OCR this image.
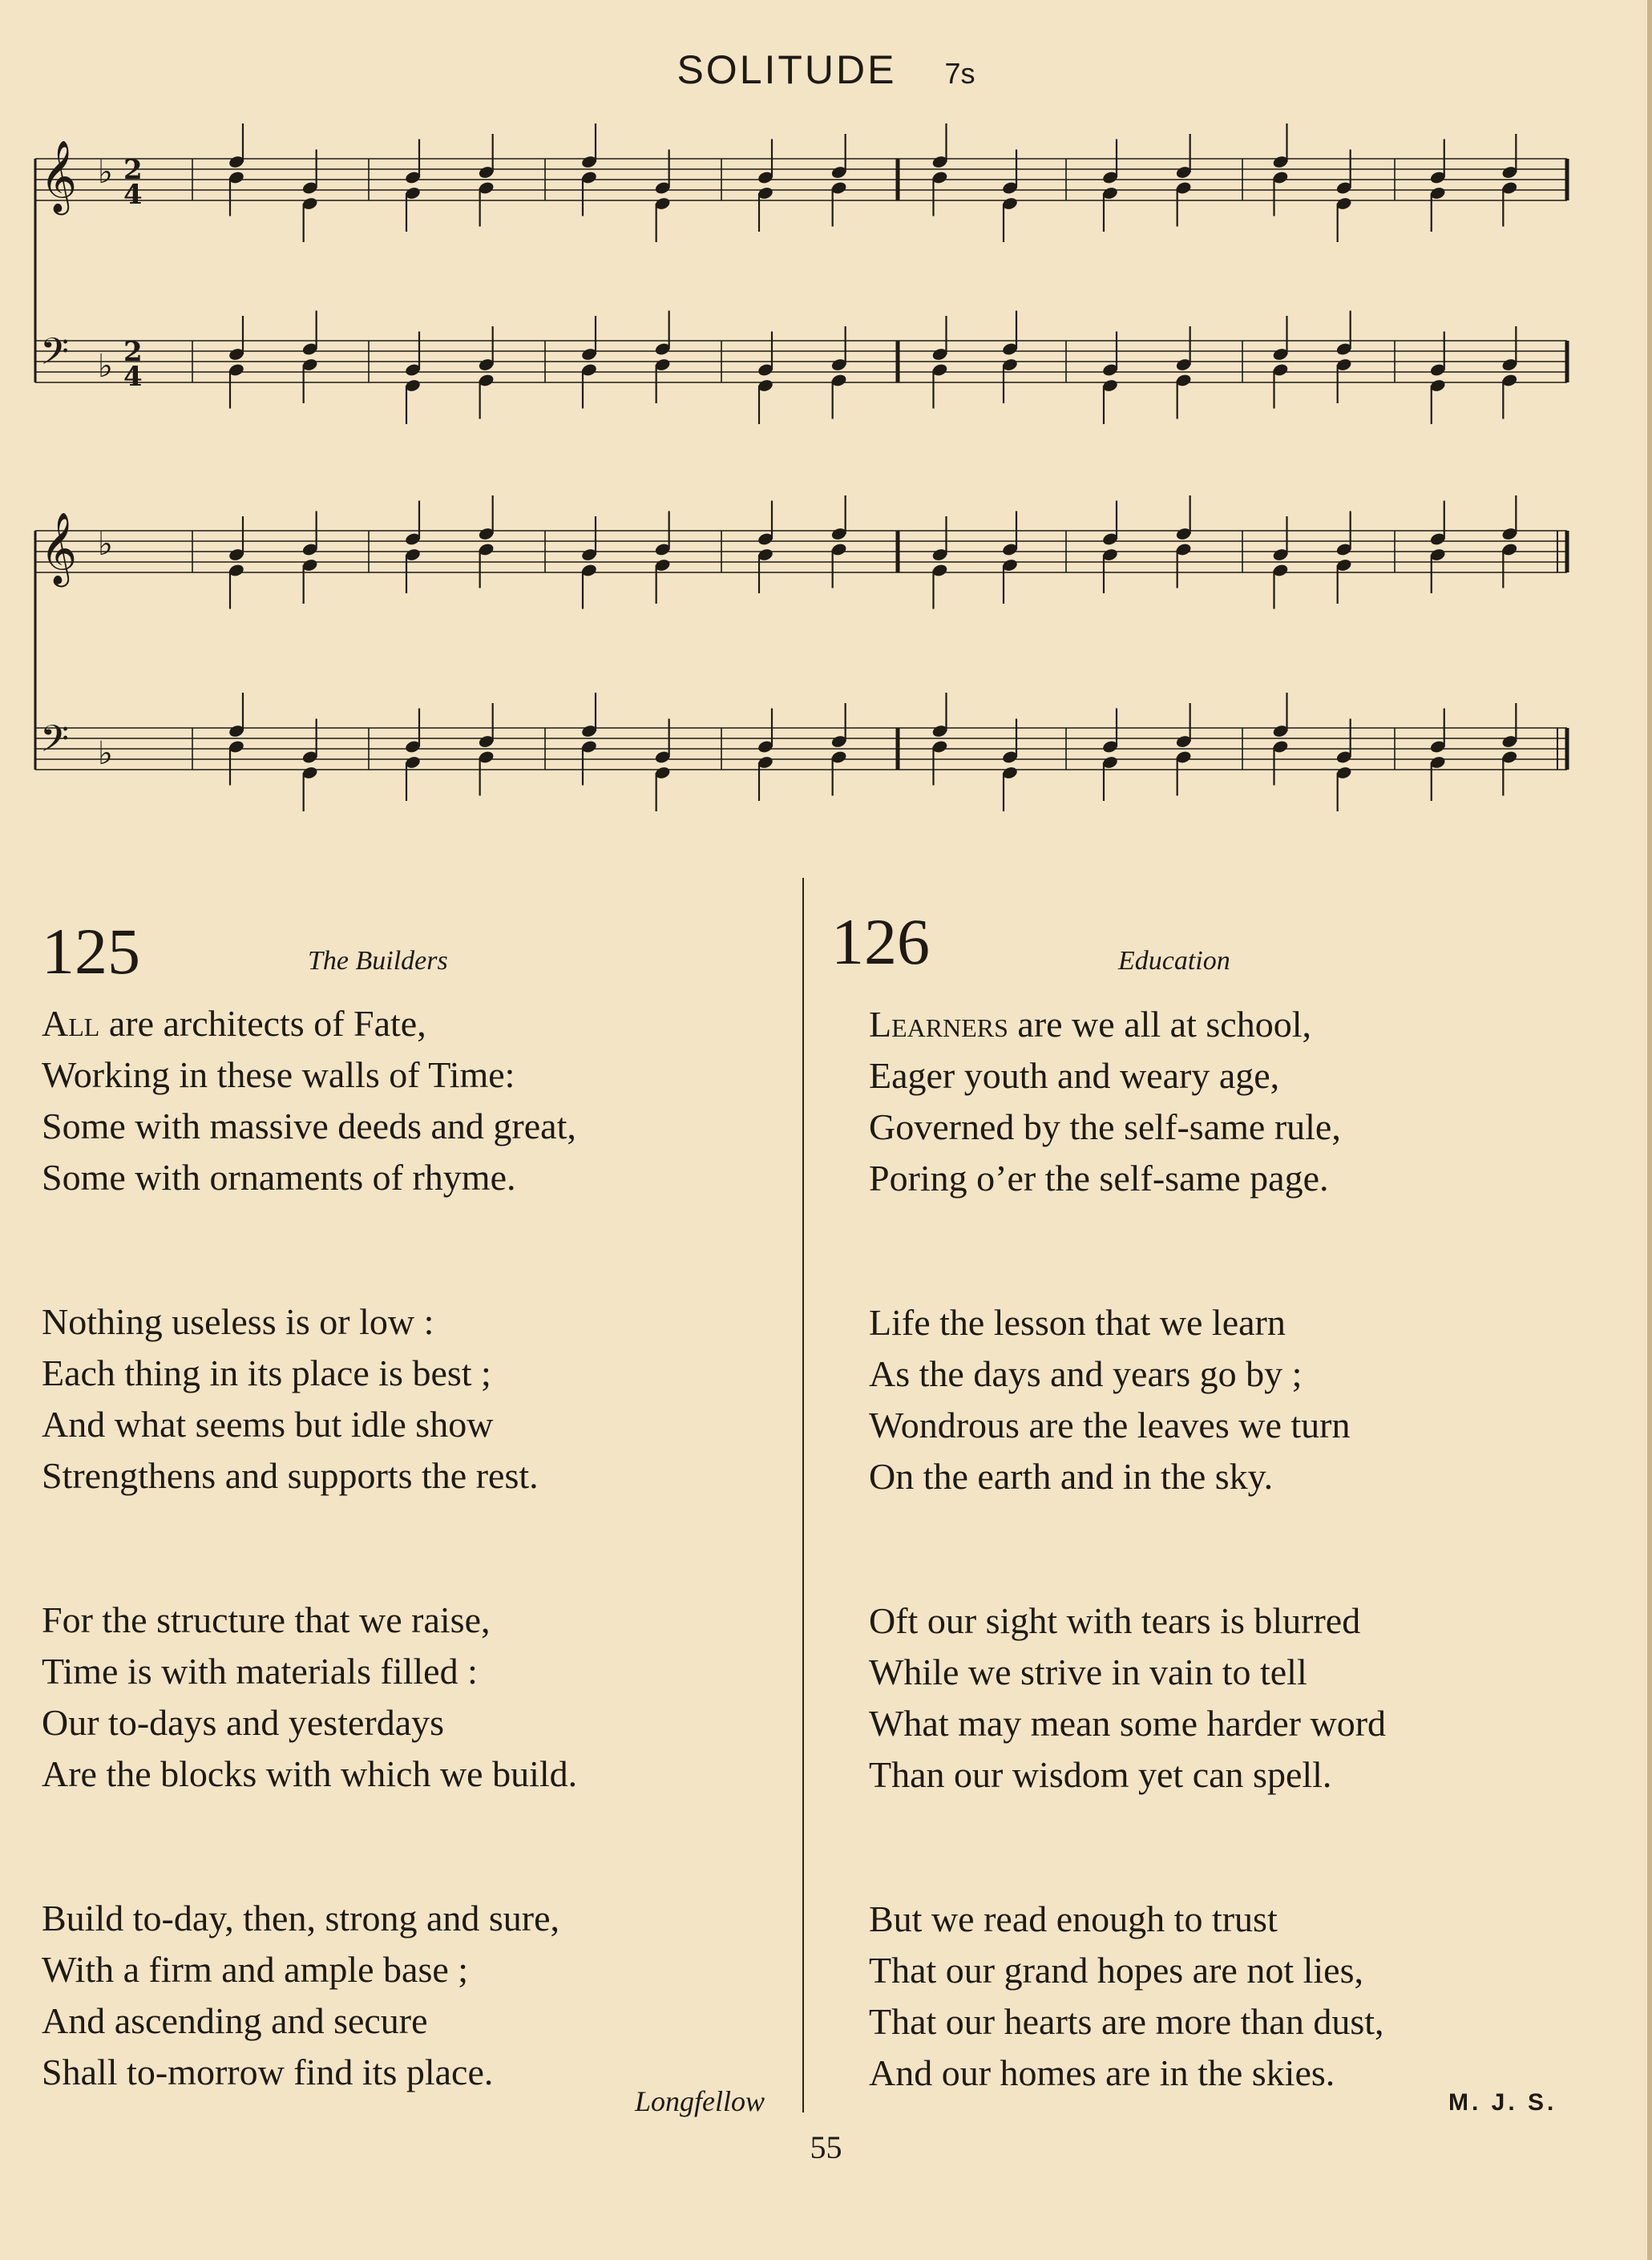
SOLITUDE 7s
𝄞 ♭ 2
4
𝄢 ♭ 2
4
𝄞 ♭
𝄢 ♭
125	The Builders
All are architects of Fate,
Working in these walls of Time:
Some with massive deeds and great,
Some with ornaments of rhyme.
Nothing useless is or low :
Each thing in its place is best ;
And what seems but idle show
Strengthens and supports the rest.
For the structure that we raise,
Time is with materials filled :
Our to-days and yesterdays
Are the blocks with which we build.
Build to-day, then, strong and sure,
With a firm and ample base ;
And ascending and secure
Shall to-morrow find its place.
Longfellow
126	Education
Learners are we all at school,
Eager youth and weary age,
Governed by the self-same rule,
Poring o’er the self-same page.
Life the lesson that we learn
As the days and years go by ;
Wondrous are the leaves we turn
On the earth and in the sky.
Oft our sight with tears is blurred
While we strive in vain to tell
What may mean some harder word
Than our wisdom yet can spell.
But we read enough to trust
That our grand hopes are not lies,
That our hearts are more than dust,
And our homes are in the skies.
M. J. S.
55
